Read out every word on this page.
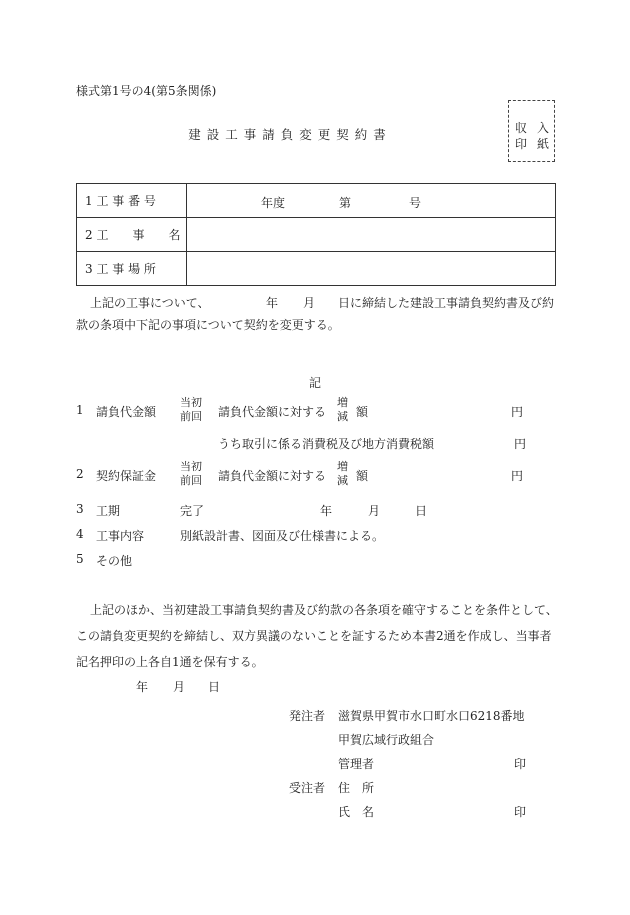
様式第1号の4(第5条関係)
建設工事請負変更契約書	収 入
印 紙
1 工 事 番 号	年度 第 号

2 工　　事　　名	
3 工 事 場 所	
上記の工事について、	年 月 日に締結した建設工事請負契約書及び約
款の条項中下記の事項について契約を変更する。
記
1 請負代金額
当初
前回 請負代金額に対する
増
減 額	円
うち取引に係る消費税及び地方消費税額	円
2 契約保証金
当初
前回 請負代金額に対する
増
減 額	円
3 工期	完了	年	月	日
4 工事内容	別紙設計書、図面及び仕様書による。
5 その他
上記のほか、当初建設工事請負契約書及び約款の各条項を確守することを条件として、
この請負変更契約を締結し、双方異議のないことを証するため本書2通を作成し、当事者
記名押印の上各自1通を保有する。
年 月 日
発注者 滋賀県甲賀市水口町水口6218番地
甲賀広域行政組合
管理者	印
受注者 住　所
氏　名	印
